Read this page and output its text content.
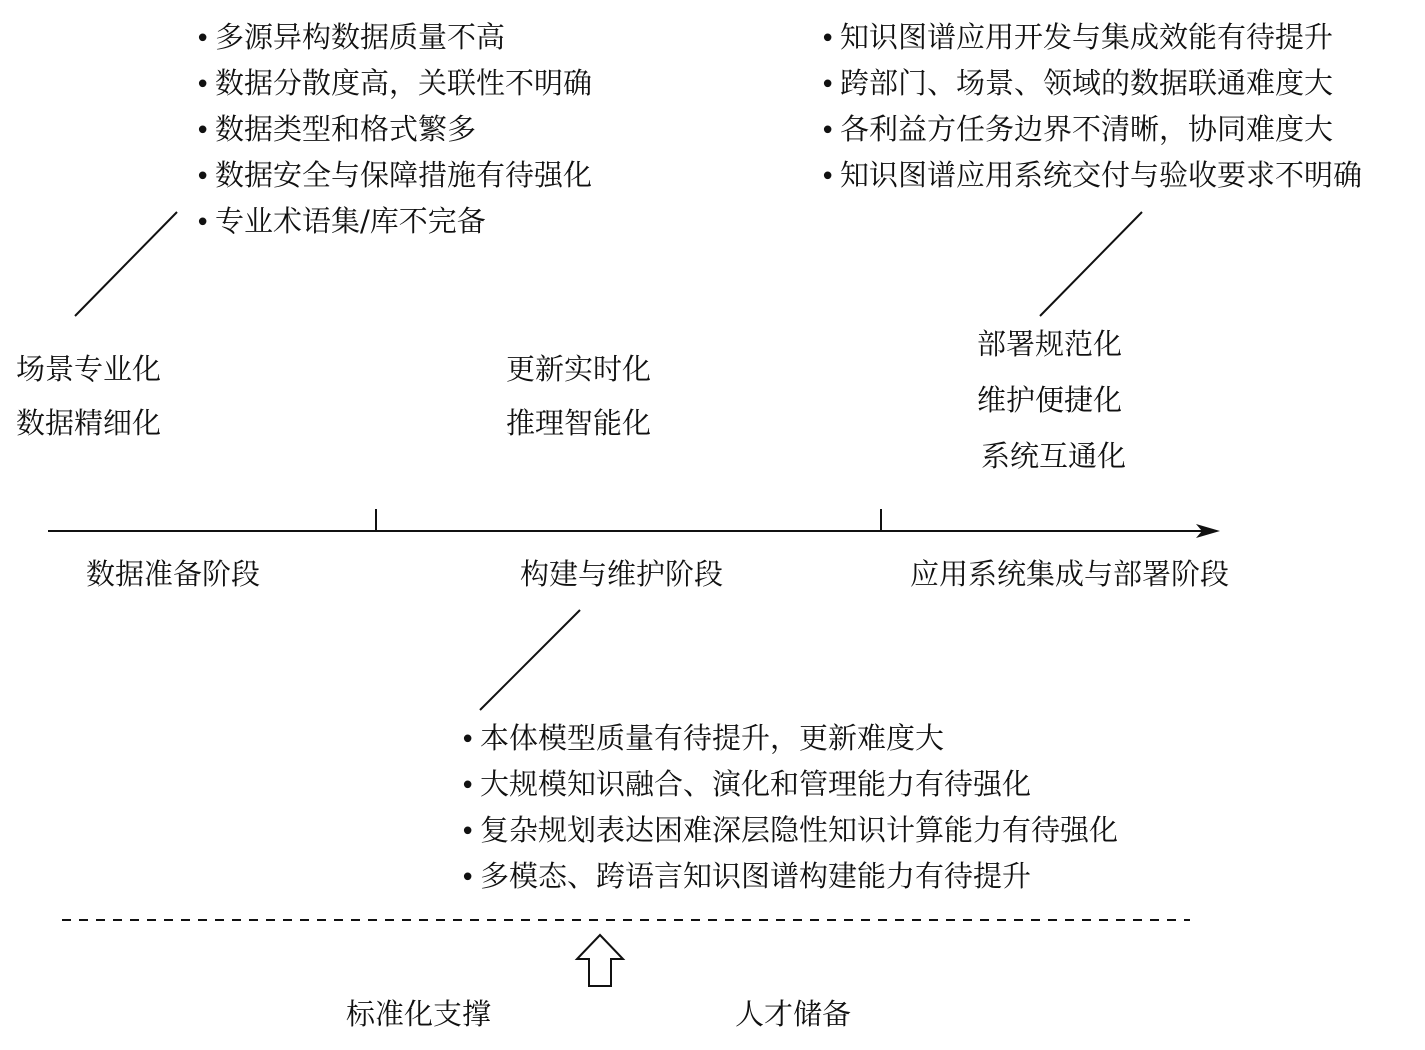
• 多源异构数据质量不高
• 数据分散度高，关联性不明确
• 数据类型和格式繁多
• 数据安全与保障措施有待强化
• 专业术语集/库不完备
• 知识图谱应用开发与集成效能有待提升
• 跨部门、场景、领域的数据联通难度大
• 各利益方任务边界不清晰，协同难度大
• 知识图谱应用系统交付与验收要求不明确
场景专业化
数据精细化
更新实时化
推理智能化
部署规范化
维护便捷化
系统互通化
数据准备阶段	构建与维护阶段	应用系统集成与部署阶段
• 本体模型质量有待提升，更新难度大
• 大规模知识融合、演化和管理能力有待强化
• 复杂规划表达困难深层隐性知识计算能力有待强化
• 多模态、跨语言知识图谱构建能力有待提升
标准化支撑	人才储备
